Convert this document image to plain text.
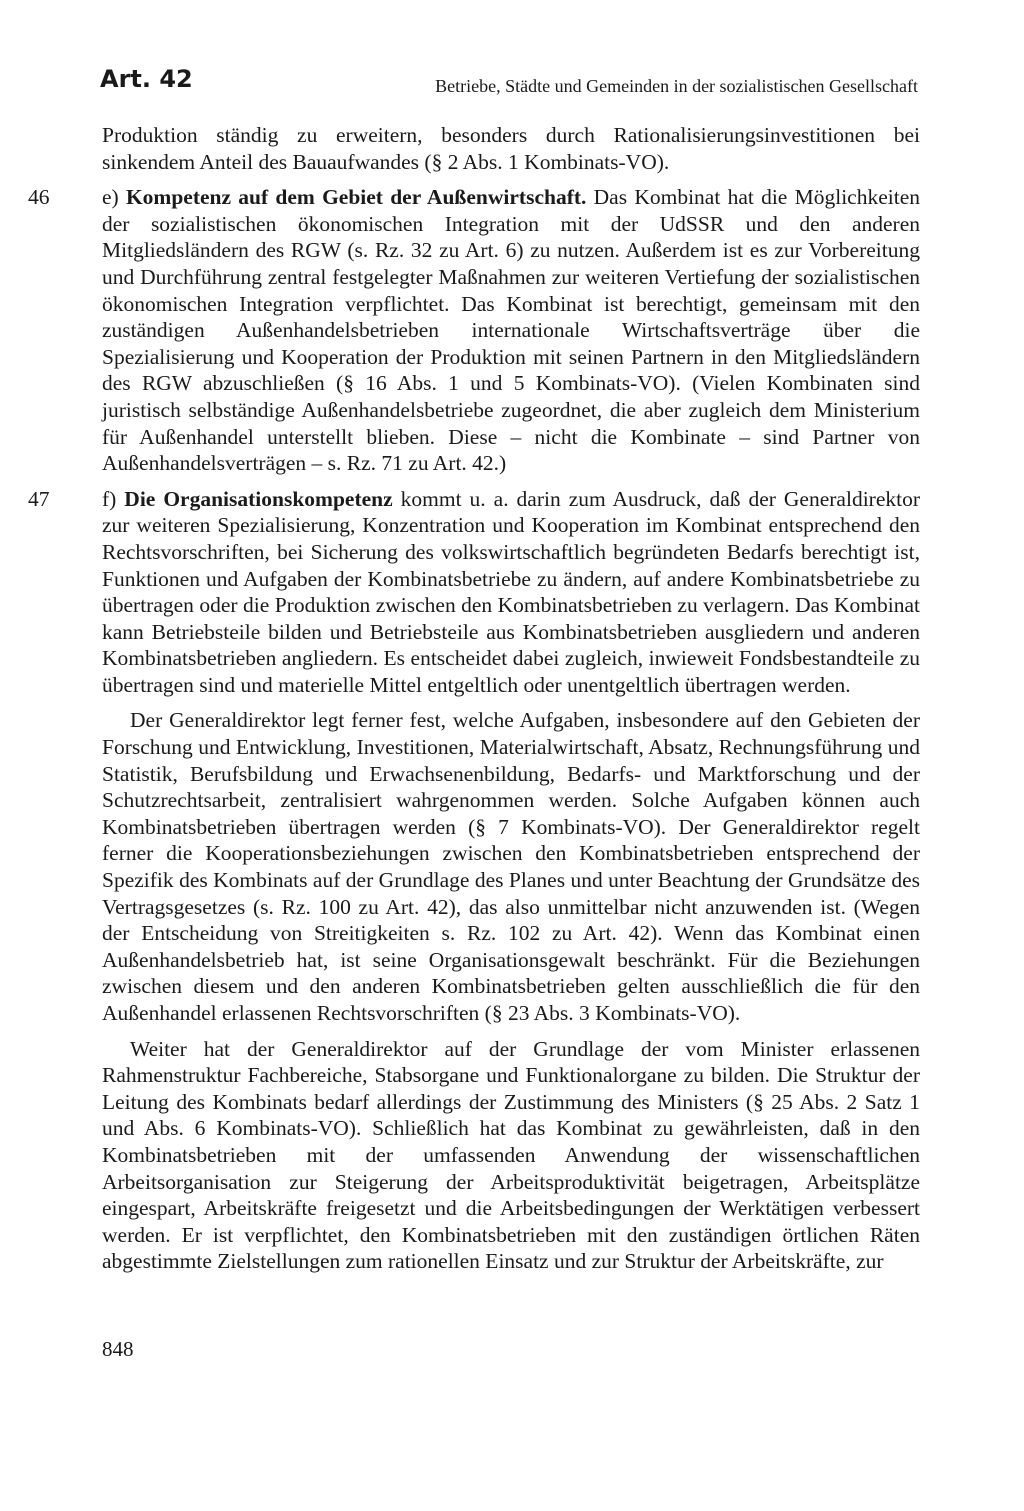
Art. 42	Betriebe, Städte und Gemeinden in der sozialistischen Gesellschaft

Produktion ständig zu erweitern, besonders durch Rationalisierungsinvestitionen bei sinkendem Anteil des Bauaufwandes (§ 2 Abs. 1 Kombinats-VO).

46 e) Kompetenz auf dem Gebiet der Außenwirtschaft. Das Kombinat hat die Möglichkeiten der sozialistischen ökonomischen Integration mit der UdSSR und den anderen Mitgliedsländern des RGW (s. Rz. 32 zu Art. 6) zu nutzen. Außerdem ist es zur Vorbereitung und Durchführung zentral festgelegter Maßnahmen zur weiteren Vertiefung der sozialistischen ökonomischen Integration verpflichtet. Das Kombinat ist berechtigt, gemeinsam mit den zuständigen Außenhandelsbetrieben internationale Wirtschaftsverträge über die Spezialisierung und Kooperation der Produktion mit seinen Partnern in den Mitgliedsländern des RGW abzuschließen (§ 16 Abs. 1 und 5 Kombinats-VO). (Vielen Kombinaten sind juristisch selbständige Außenhandelsbetriebe zugeordnet, die aber zugleich dem Ministerium für Außenhandel unterstellt blieben. Diese – nicht die Kombinate – sind Partner von Außenhandelsverträgen – s. Rz. 71 zu Art. 42.)

47 f) Die Organisationskompetenz kommt u. a. darin zum Ausdruck, daß der Generaldirektor zur weiteren Spezialisierung, Konzentration und Kooperation im Kombinat entsprechend den Rechtsvorschriften, bei Sicherung des volkswirtschaftlich begründeten Bedarfs berechtigt ist, Funktionen und Aufgaben der Kombinatsbetriebe zu ändern, auf andere Kombinatsbetriebe zu übertragen oder die Produktion zwischen den Kombinatsbetrieben zu verlagern. Das Kombinat kann Betriebsteile bilden und Betriebsteile aus Kombinatsbetrieben ausgliedern und anderen Kombinatsbetrieben angliedern. Es entscheidet dabei zugleich, inwieweit Fondsbestandteile zu übertragen sind und materielle Mittel entgeltlich oder unentgeltlich übertragen werden.

Der Generaldirektor legt ferner fest, welche Aufgaben, insbesondere auf den Gebieten der Forschung und Entwicklung, Investitionen, Materialwirtschaft, Absatz, Rechnungsführung und Statistik, Berufsbildung und Erwachsenenbildung, Bedarfs- und Marktforschung und der Schutzrechtsarbeit, zentralisiert wahrgenommen werden. Solche Aufgaben können auch Kombinatsbetrieben übertragen werden (§ 7 Kombinats-VO). Der Generaldirektor regelt ferner die Kooperationsbeziehungen zwischen den Kombinatsbetrieben entsprechend der Spezifik des Kombinats auf der Grundlage des Planes und unter Beachtung der Grundsätze des Vertragsgesetzes (s. Rz. 100 zu Art. 42), das also unmittelbar nicht anzuwenden ist. (Wegen der Entscheidung von Streitigkeiten s. Rz. 102 zu Art. 42). Wenn das Kombinat einen Außenhandelsbetrieb hat, ist seine Organisationsgewalt beschränkt. Für die Beziehungen zwischen diesem und den anderen Kombinatsbetrieben gelten ausschließlich die für den Außenhandel erlassenen Rechtsvorschriften (§ 23 Abs. 3 Kombinats-VO).

Weiter hat der Generaldirektor auf der Grundlage der vom Minister erlassenen Rahmenstruktur Fachbereiche, Stabsorgane und Funktionalorgane zu bilden. Die Struktur der Leitung des Kombinats bedarf allerdings der Zustimmung des Ministers (§ 25 Abs. 2 Satz 1 und Abs. 6 Kombinats-VO). Schließlich hat das Kombinat zu gewährleisten, daß in den Kombinatsbetrieben mit der umfassenden Anwendung der wissenschaftlichen Arbeitsorganisation zur Steigerung der Arbeitsproduktivität beigetragen, Arbeitsplätze eingespart, Arbeitskräfte freigesetzt und die Arbeitsbedingungen der Werktätigen verbessert werden. Er ist verpflichtet, den Kombinatsbetrieben mit den zuständigen örtlichen Räten abgestimmte Zielstellungen zum rationellen Einsatz und zur Struktur der Arbeitskräfte, zur

848
